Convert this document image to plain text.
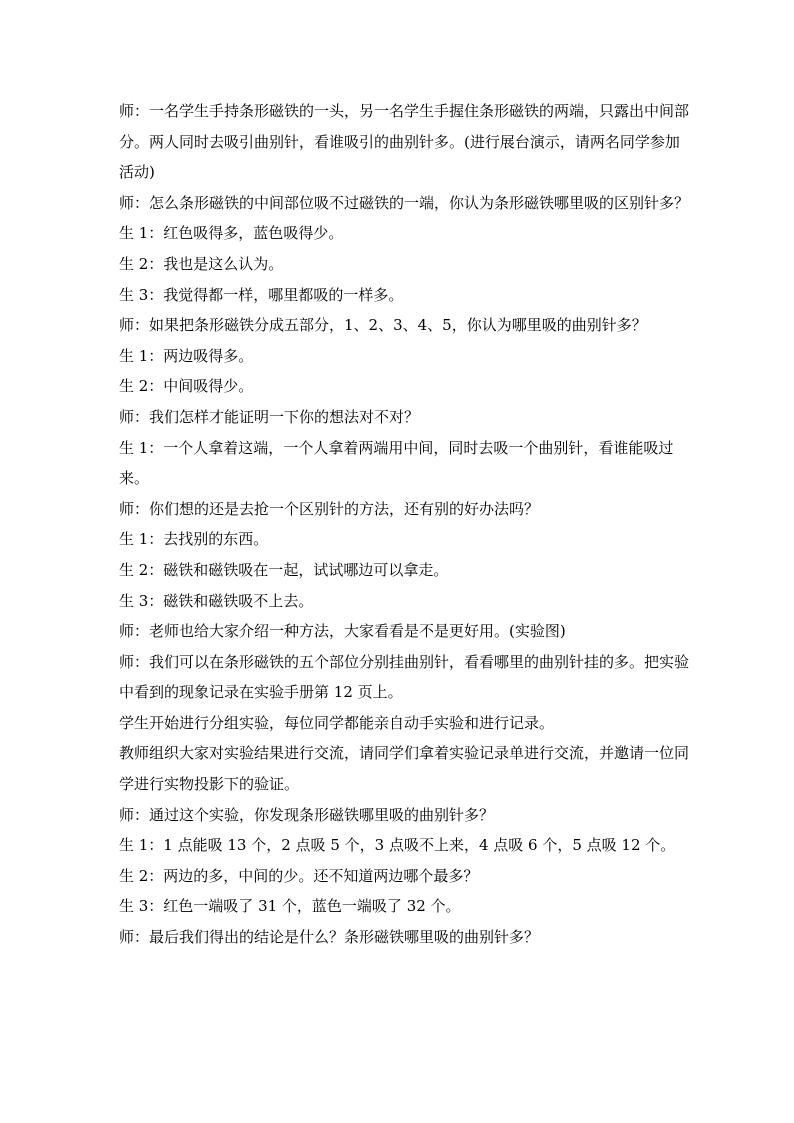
师：一名学生手持条形磁铁的一头，另一名学生手握住条形磁铁的两端，只露出中间部分。两人同时去吸引曲别针，看谁吸引的曲别针多。(进行展台演示，请两名同学参加活动)

师：怎么条形磁铁的中间部位吸不过磁铁的一端，你认为条形磁铁哪里吸的区别针多？

生 1：红色吸得多，蓝色吸得少。

生 2：我也是这么认为。

生 3：我觉得都一样，哪里都吸的一样多。

师：如果把条形磁铁分成五部分，1、2、3、4、5，你认为哪里吸的曲别针多？

生 1：两边吸得多。

生 2：中间吸得少。

师：我们怎样才能证明一下你的想法对不对？

生 1：一个人拿着这端，一个人拿着两端用中间，同时去吸一个曲别针，看谁能吸过来。

师：你们想的还是去抢一个区别针的方法，还有别的好办法吗？

生 1：去找别的东西。

生 2：磁铁和磁铁吸在一起，试试哪边可以拿走。

生 3：磁铁和磁铁吸不上去。

师：老师也给大家介绍一种方法，大家看看是不是更好用。(实验图)

师：我们可以在条形磁铁的五个部位分别挂曲别针，看看哪里的曲别针挂的多。把实验中看到的现象记录在实验手册第 12 页上。

学生开始进行分组实验，每位同学都能亲自动手实验和进行记录。

教师组织大家对实验结果进行交流，请同学们拿着实验记录单进行交流，并邀请一位同学进行实物投影下的验证。

师：通过这个实验，你发现条形磁铁哪里吸的曲别针多？

生 1：1 点能吸 13 个，2 点吸 5 个，3 点吸不上来，4 点吸 6 个，5 点吸 12 个。

生 2：两边的多，中间的少。还不知道两边哪个最多？

生 3：红色一端吸了 31 个，蓝色一端吸了 32 个。

师：最后我们得出的结论是什么？条形磁铁哪里吸的曲别针多？
